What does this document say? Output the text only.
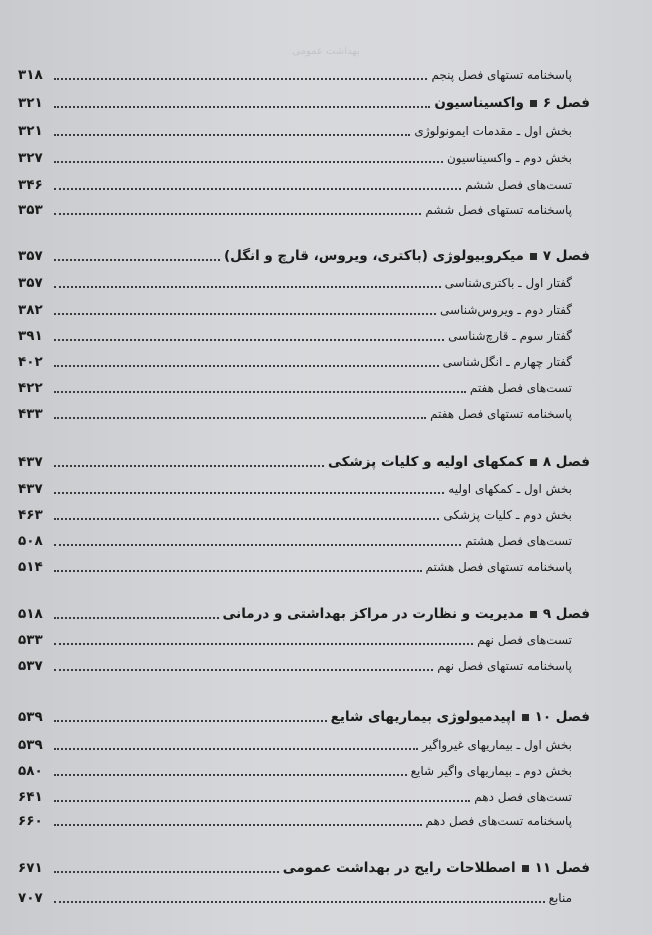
بهداشت عمومی
پاسخنامه تستهای فصل پنجم
۳۱۸
فصل ۶
واکسیناسیون
۳۲۱
بخش اول ـ مقدمات ایمونولوژی
۳۲۱
بخش دوم ـ واکسیناسیون
۳۲۷
تست‌های فصل ششم
۳۴۶
پاسخنامه تستهای فصل ششم
۳۵۳
فصل ۷
میکروبیولوژی (باکتری، ویروس، قارچ و انگل)
۳۵۷
گفتار اول ـ باکتری‌شناسی
۳۵۷
گفتار دوم ـ ویروس‌شناسی
۳۸۲
گفتار سوم ـ قارچ‌شناسی
۳۹۱
گفتار چهارم ـ انگل‌شناسی
۴۰۲
تست‌های فصل هفتم
۴۲۲
پاسخنامه تستهای فصل هفتم
۴۳۳
فصل ۸
کمکهای اولیه و کلیات پزشکی
۴۳۷
بخش اول ـ کمکهای اولیه
۴۳۷
بخش دوم ـ کلیات پزشکی
۴۶۳
تست‌های فصل هشتم
۵۰۸
پاسخنامه تستهای فصل هشتم
۵۱۴
فصل ۹
مدیریت و نظارت در مراکز بهداشتی و درمانی
۵۱۸
تست‌های فصل نهم
۵۳۳
پاسخنامه تستهای فصل نهم
۵۳۷
فصل ۱۰
اپیدمیولوژی بیماریهای شایع
۵۳۹
بخش اول ـ بیماریهای غیرواگیر
۵۳۹
بخش دوم ـ بیماریهای واگیر شایع
۵۸۰
تست‌های فصل دهم
۶۴۱
پاسخنامه تست‌های فصل دهم
۶۶۰
فصل ۱۱
اصطلاحات رایج در بهداشت عمومی
۶۷۱
منابع
۷۰۷
